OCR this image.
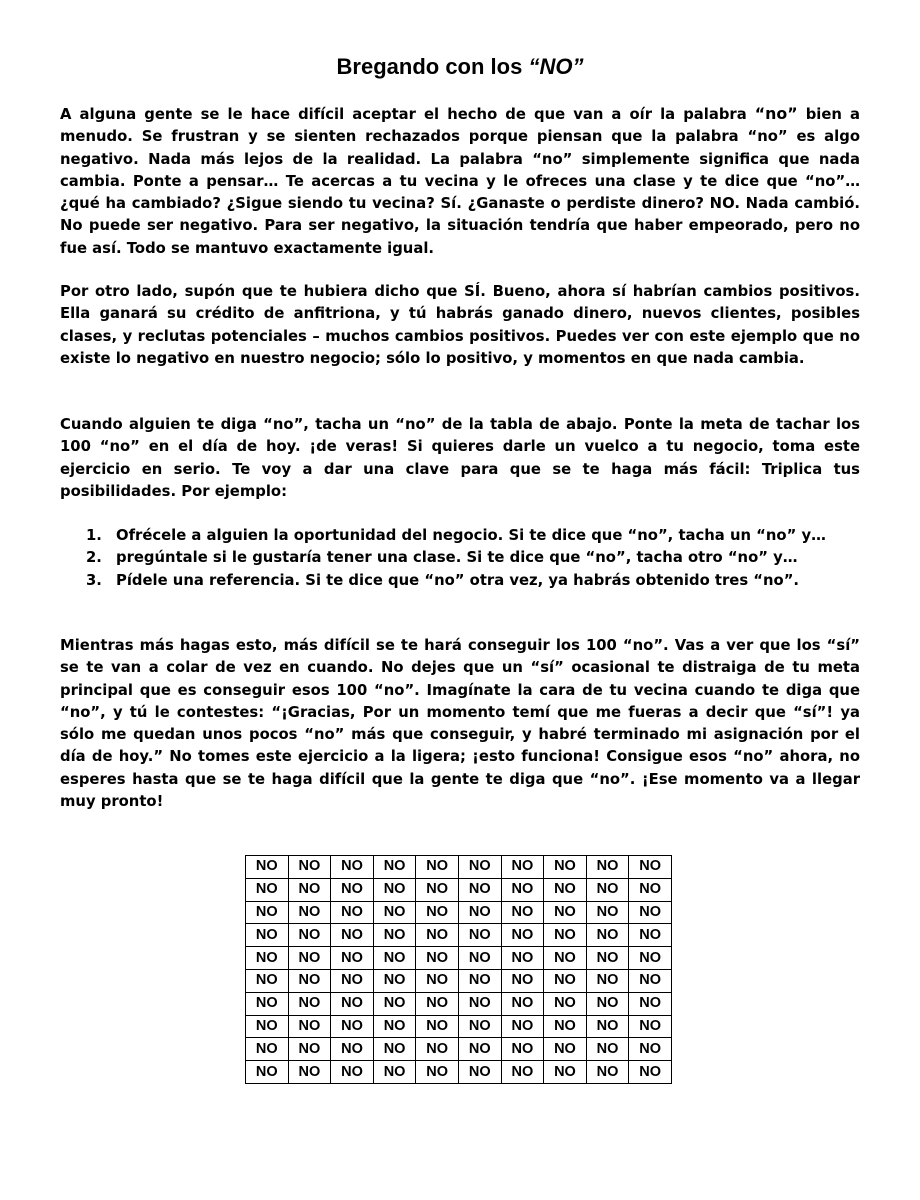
Bregando con los “NO”

A alguna gente se le hace difícil aceptar el hecho de que van a oír la palabra “no” bien a menudo. Se frustran y se sienten rechazados porque piensan que la palabra “no” es algo negativo. Nada más lejos de la realidad. La palabra “no” simplemente significa que nada cambia. Ponte a pensar… Te acercas a tu vecina y le ofreces una clase y te dice que “no”… ¿qué ha cambiado? ¿Sigue siendo tu vecina? Sí. ¿Ganaste o perdiste dinero? NO. Nada cambió. No puede ser negativo. Para ser negativo, la situación tendría que haber empeorado, pero no fue así. Todo se mantuvo exactamente igual.

Por otro lado, supón que te hubiera dicho que SÍ. Bueno, ahora sí habrían cambios positivos. Ella ganará su crédito de anfitriona, y tú habrás ganado dinero, nuevos clientes, posibles clases, y reclutas potenciales – muchos cambios positivos. Puedes ver con este ejemplo que no existe lo negativo en nuestro negocio; sólo lo positivo, y momentos en que nada cambia.

Cuando alguien te diga “no”, tacha un “no” de la tabla de abajo. Ponte la meta de tachar los 100 “no” en el día de hoy. ¡de veras! Si quieres darle un vuelco a tu negocio, toma este ejercicio en serio. Te voy a dar una clave para que se te haga más fácil: Triplica tus posibilidades. Por ejemplo:

1. Ofrécele a alguien la oportunidad del negocio. Si te dice que “no”, tacha un “no” y…
2. pregúntale si le gustaría tener una clase. Si te dice que “no”, tacha otro “no” y…
3. Pídele una referencia. Si te dice que “no” otra vez, ya habrás obtenido tres “no”.

Mientras más hagas esto, más difícil se te hará conseguir los 100 “no”. Vas a ver que los “sí” se te van a colar de vez en cuando. No dejes que un “sí” ocasional te distraiga de tu meta principal que es conseguir esos 100 “no”. Imagínate la cara de tu vecina cuando te diga que “no”, y tú le contestes: “¡Gracias, Por un momento temí que me fueras a decir que “sí”! ya sólo me quedan unos pocos “no” más que conseguir, y habré terminado mi asignación por el día de hoy.” No tomes este ejercicio a la ligera; ¡esto funciona! Consigue esos “no” ahora, no esperes hasta que se te haga difícil que la gente te diga que “no”. ¡Ese momento va a llegar muy pronto!

NO	NO	NO	NO	NO	NO	NO	NO	NO	NO
NO	NO	NO	NO	NO	NO	NO	NO	NO	NO
NO	NO	NO	NO	NO	NO	NO	NO	NO	NO
NO	NO	NO	NO	NO	NO	NO	NO	NO	NO
NO	NO	NO	NO	NO	NO	NO	NO	NO	NO
NO	NO	NO	NO	NO	NO	NO	NO	NO	NO
NO	NO	NO	NO	NO	NO	NO	NO	NO	NO
NO	NO	NO	NO	NO	NO	NO	NO	NO	NO
NO	NO	NO	NO	NO	NO	NO	NO	NO	NO
NO	NO	NO	NO	NO	NO	NO	NO	NO	NO
